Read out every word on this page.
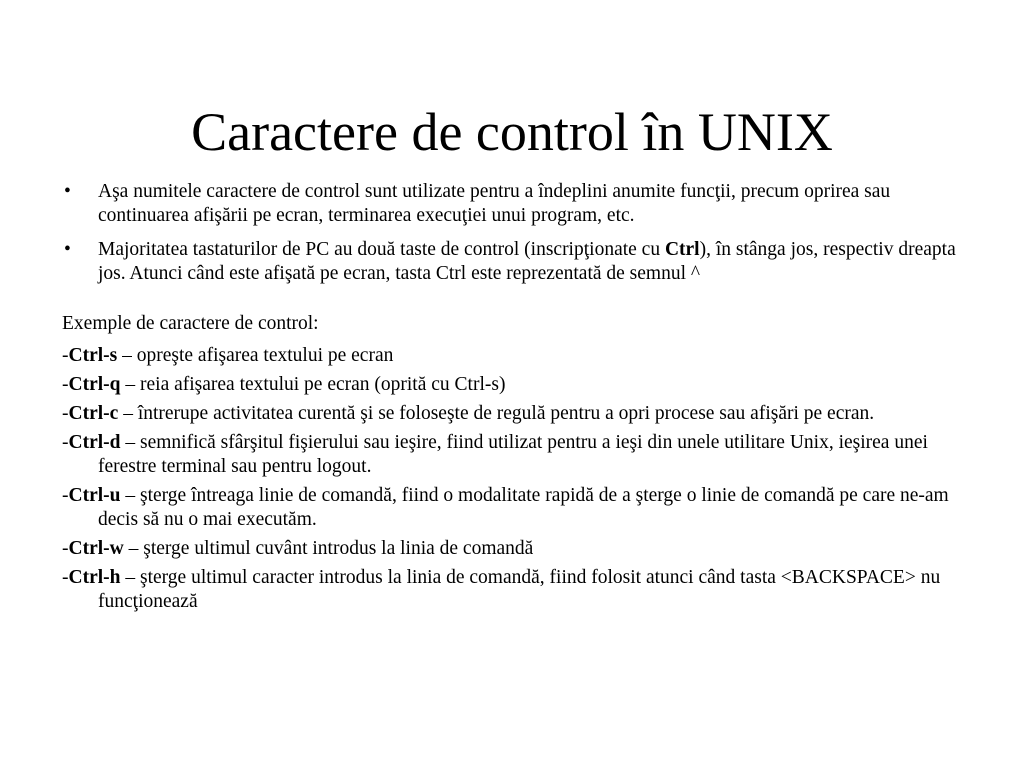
Caractere de control în UNIX
• Aşa numitele caractere de control sunt utilizate pentru a îndeplini anumite funcţii, precum oprirea sau continuarea afişării pe ecran, terminarea execuţiei unui program, etc.
• Majoritatea tastaturilor de PC au două taste de control (inscripţionate cu Ctrl), în stânga jos, respectiv dreapta jos. Atunci când este afişată pe ecran, tasta Ctrl este reprezentată de semnul ^
Exemple de caractere de control:
-Ctrl-s – opreşte afişarea textului pe ecran
-Ctrl-q – reia afişarea textului pe ecran (oprită cu Ctrl-s)
-Ctrl-c – întrerupe activitatea curentă şi se foloseşte de regulă pentru a opri procese sau afişări pe ecran.
-Ctrl-d – semnifică sfârşitul fişierului sau ieşire, fiind utilizat pentru a ieşi din unele utilitare Unix, ieşirea unei ferestre terminal sau pentru logout.
-Ctrl-u – şterge întreaga linie de comandă, fiind o modalitate rapidă de a şterge o linie de comandă pe care ne-am decis să nu o mai executăm.
-Ctrl-w – şterge ultimul cuvânt introdus la linia de comandă
-Ctrl-h – şterge ultimul caracter introdus la linia de comandă, fiind folosit atunci când tasta <BACKSPACE> nu funcţionează
